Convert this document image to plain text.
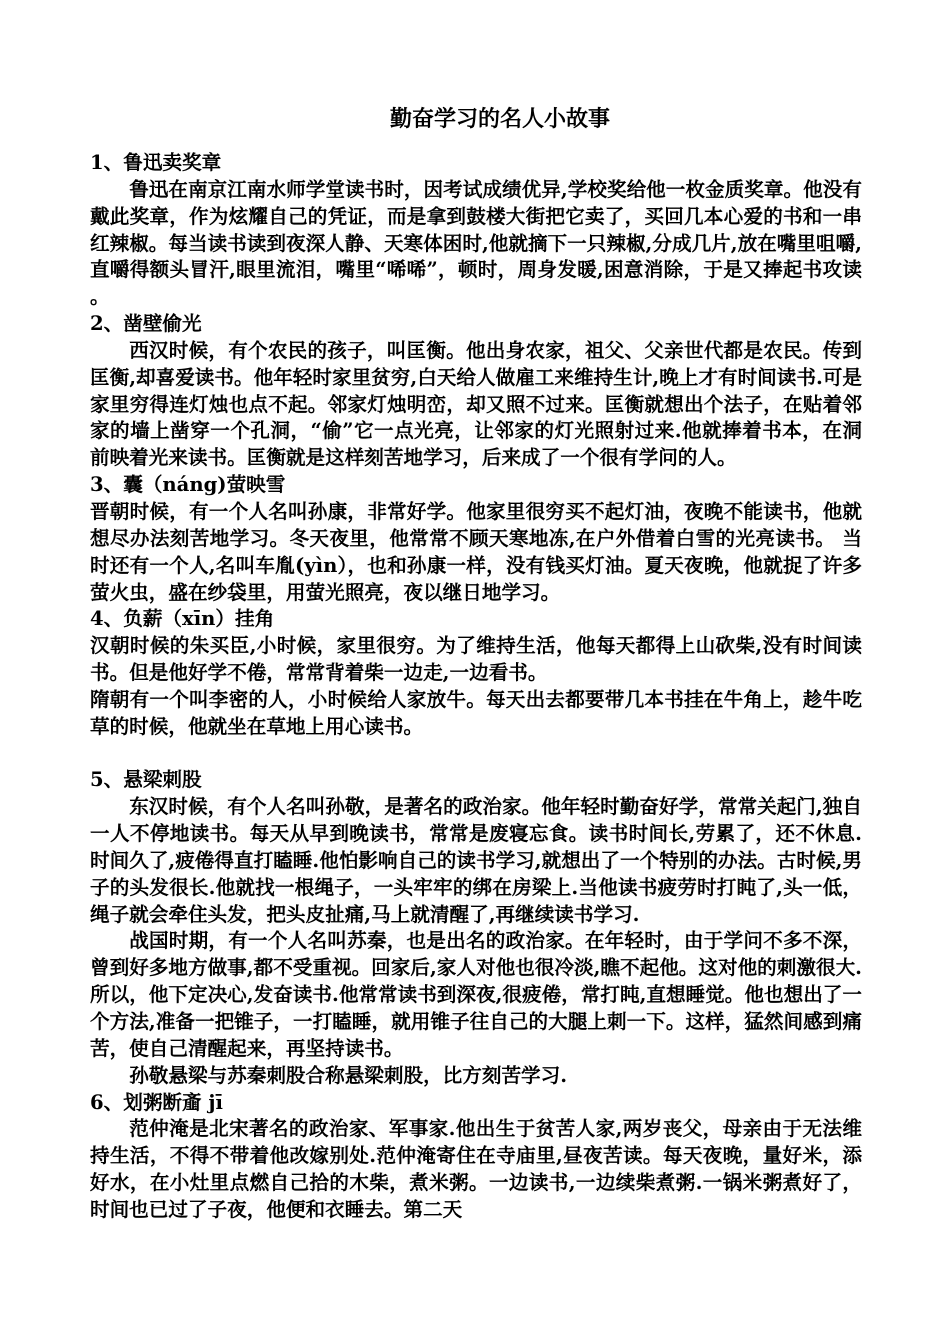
勤奋学习的名人小故事

1、鲁迅卖奖章

鲁迅在南京江南水师学堂读书时，因考试成绩优异,学校奖给他一枚金质奖章。他没有戴此奖章，作为炫耀自己的凭证，而是拿到鼓楼大街把它卖了，买回几本心爱的书和一串红辣椒。每当读书读到夜深人静、天寒体困时,他就摘下一只辣椒,分成几片,放在嘴里咀嚼,直嚼得额头冒汗,眼里流泪，嘴里“唏唏”，顿时，周身发暖,困意消除，于是又捧起书攻读。

2、凿壁偷光

西汉时候，有个农民的孩子，叫匡衡。他出身农家，祖父、父亲世代都是农民。传到匡衡,却喜爱读书。他年轻时家里贫穷,白天给人做雇工来维持生计,晚上才有时间读书.可是家里穷得连灯烛也点不起。邻家灯烛明峦，却又照不过来。匡衡就想出个法子，在贴着邻家的墙上凿穿一个孔洞，“偷”它一点光亮，让邻家的灯光照射过来.他就捧着书本，在洞前映着光来读书。匡衡就是这样刻苦地学习，后来成了一个很有学问的人。

3、囊（náng)萤映雪

晋朝时候，有一个人名叫孙康，非常好学。他家里很穷买不起灯油，夜晚不能读书，他就想尽办法刻苦地学习。冬天夜里，他常常不顾天寒地冻,在户外借着白雪的光亮读书。 当时还有一个人,名叫车胤(yìn），也和孙康一样，没有钱买灯油。夏天夜晚，他就捉了许多萤火虫，盛在纱袋里，用萤光照亮，夜以继日地学习。

4、负薪（xīn）挂角

汉朝时候的朱买臣,小时候，家里很穷。为了维持生活，他每天都得上山砍柴,没有时间读书。但是他好学不倦，常常背着柴一边走,一边看书。

隋朝有一个叫李密的人，小时候给人家放牛。每天出去都要带几本书挂在牛角上，趁牛吃草的时候，他就坐在草地上用心读书。

5、悬梁刺股

东汉时候，有个人名叫孙敬，是著名的政治家。他年轻时勤奋好学，常常关起门,独自一人不停地读书。每天从早到晚读书，常常是废寝忘食。读书时间长,劳累了，还不休息.时间久了,疲倦得直打瞌睡.他怕影响自己的读书学习,就想出了一个特别的办法。古时候,男子的头发很长.他就找一根绳子，一头牢牢的绑在房梁上.当他读书疲劳时打盹了,头一低，绳子就会牵住头发，把头皮扯痛,马上就清醒了,再继续读书学习.

战国时期，有一个人名叫苏秦，也是出名的政治家。在年轻时，由于学问不多不深，曾到好多地方做事,都不受重视。回家后,家人对他也很冷淡,瞧不起他。这对他的刺激很大.所以，他下定决心,发奋读书.他常常读书到深夜,很疲倦，常打盹,直想睡觉。他也想出了一个方法,准备一把锥子，一打瞌睡，就用锥子往自己的大腿上刺一下。这样，猛然间感到痛苦，使自己清醒起来，再坚持读书。

孙敬悬梁与苏秦刺股合称悬梁刺股，比方刻苦学习.

6、划粥断齑 jī

范仲淹是北宋著名的政治家、军事家.他出生于贫苦人家,两岁丧父，母亲由于无法维持生活，不得不带着他改嫁别处.范仲淹寄住在寺庙里,昼夜苦读。每天夜晚，量好米，添好水，在小灶里点燃自己拾的木柴，煮米粥。一边读书,一边续柴煮粥.一锅米粥煮好了，时间也已过了子夜，他便和衣睡去。第二天
